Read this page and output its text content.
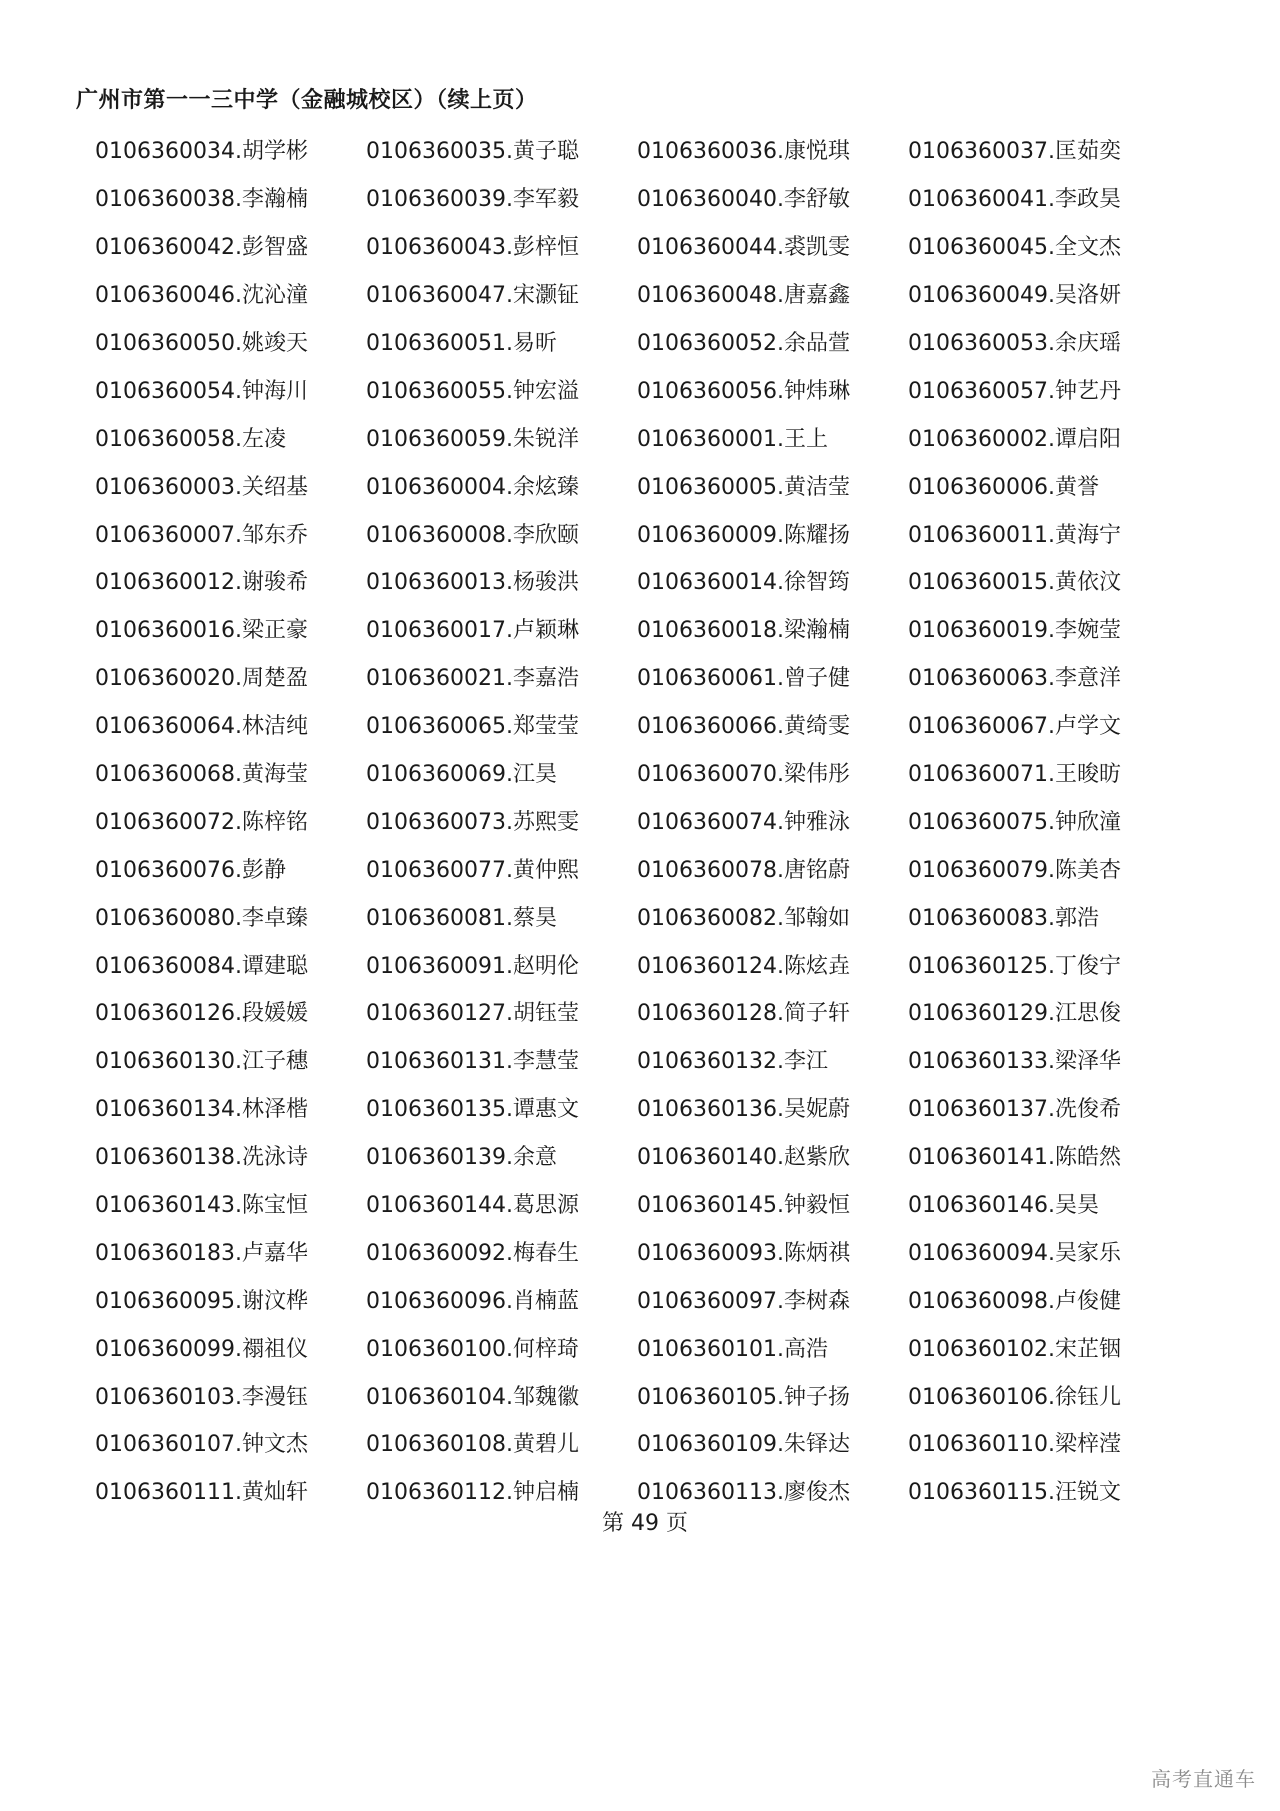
广州市第一一三中学（金融城校区）（续上页）
0106360034.胡学彬	0106360035.黄子聪	0106360036.康悦琪	0106360037.匡茹奕
0106360038.李瀚楠	0106360039.李军毅	0106360040.李舒敏	0106360041.李政昊
0106360042.彭智盛	0106360043.彭梓恒	0106360044.裘凯雯	0106360045.全文杰
0106360046.沈沁潼	0106360047.宋灏钲	0106360048.唐嘉鑫	0106360049.吴洛妍
0106360050.姚竣天	0106360051.易昕	0106360052.余品萱	0106360053.余庆瑶
0106360054.钟海川	0106360055.钟宏溢	0106360056.钟炜琳	0106360057.钟艺丹
0106360058.左凌	0106360059.朱锐洋	0106360001.王上	0106360002.谭启阳
0106360003.关绍基	0106360004.余炫臻	0106360005.黄洁莹	0106360006.黄誉
0106360007.邹东乔	0106360008.李欣颐	0106360009.陈耀扬	0106360011.黄海宁
0106360012.谢骏希	0106360013.杨骏洪	0106360014.徐智筠	0106360015.黄依汶
0106360016.梁正豪	0106360017.卢颖琳	0106360018.梁瀚楠	0106360019.李婉莹
0106360020.周楚盈	0106360021.李嘉浩	0106360061.曾子健	0106360063.李意洋
0106360064.林洁纯	0106360065.郑莹莹	0106360066.黄绮雯	0106360067.卢学文
0106360068.黄海莹	0106360069.江昊	0106360070.梁伟彤	0106360071.王晙昉
0106360072.陈梓铭	0106360073.苏熙雯	0106360074.钟雅泳	0106360075.钟欣潼
0106360076.彭静	0106360077.黄仲熙	0106360078.唐铭蔚	0106360079.陈美杏
0106360080.李卓臻	0106360081.蔡昊	0106360082.邹翰如	0106360083.郭浩
0106360084.谭建聪	0106360091.赵明伦	0106360124.陈炫垚	0106360125.丁俊宁
0106360126.段媛媛	0106360127.胡钰莹	0106360128.简子轩	0106360129.江思俊
0106360130.江子穗	0106360131.李慧莹	0106360132.李江	0106360133.梁泽华
0106360134.林泽楷	0106360135.谭惠文	0106360136.吴妮蔚	0106360137.冼俊希
0106360138.冼泳诗	0106360139.余意	0106360140.赵紫欣	0106360141.陈皓然
0106360143.陈宝恒	0106360144.葛思源	0106360145.钟毅恒	0106360146.吴昊
0106360183.卢嘉华	0106360092.梅春生	0106360093.陈炳祺	0106360094.吴家乐
0106360095.谢汶桦	0106360096.肖楠蓝	0106360097.李树森	0106360098.卢俊健
0106360099.禤祖仪	0106360100.何梓琦	0106360101.高浩	0106360102.宋芷铟
0106360103.李漫钰	0106360104.邹魏徽	0106360105.钟子扬	0106360106.徐钰儿
0106360107.钟文杰	0106360108.黄碧儿	0106360109.朱铎达	0106360110.梁梓滢
0106360111.黄灿轩	0106360112.钟启楠	0106360113.廖俊杰	0106360115.汪锐文
第 49 页
高考直通车
